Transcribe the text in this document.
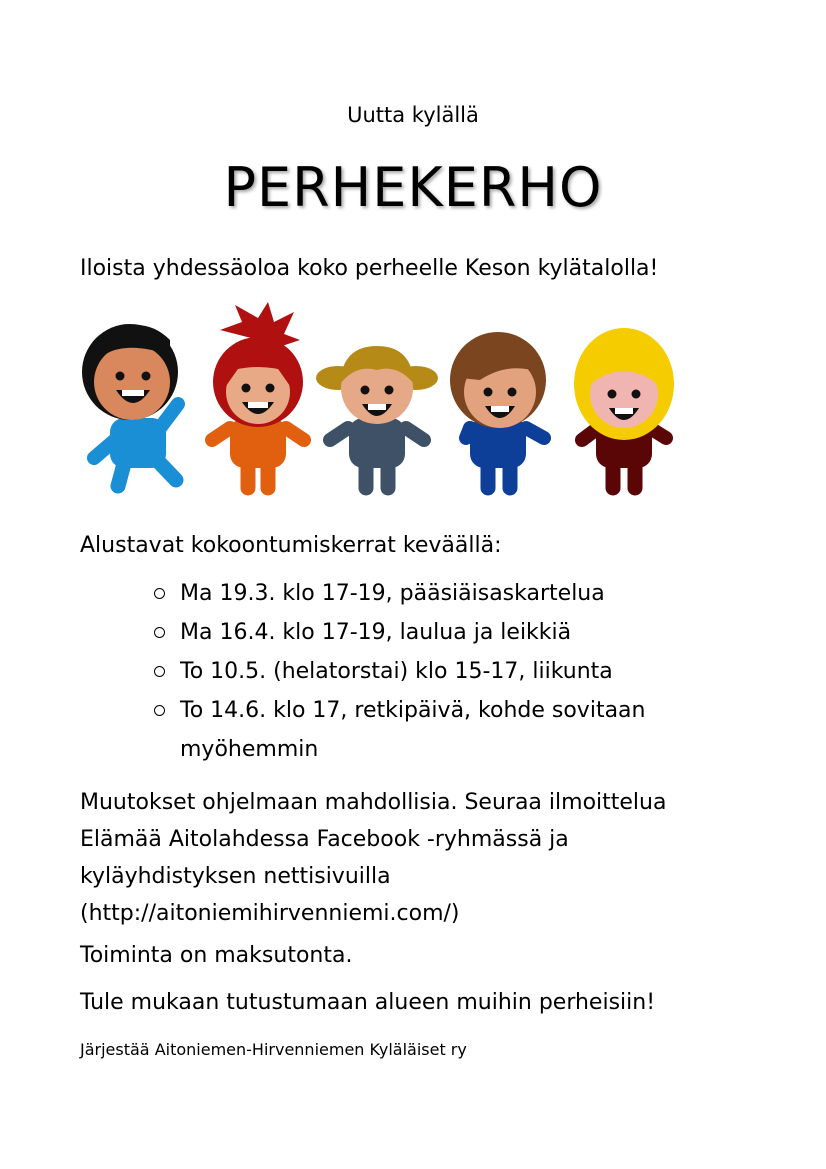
Uutta kylällä
PERHEKERHO
Iloista yhdessäoloa koko perheelle Keson kylätalolla!
Alustavat kokoontumiskerrat keväällä:
Ma 19.3. klo 17-19, pääsiäisaskartelua
Ma 16.4. klo 17-19, laulua ja leikkiä
To 10.5. (helatorstai) klo 15-17, liikunta
To 14.6. klo 17, retkipäivä, kohde sovitaan myöhemmin
Muutokset ohjelmaan mahdollisia. Seuraa ilmoittelua
Elämää Aitolahdessa Facebook -ryhmässä ja
kyläyhdistyksen nettisivuilla
(http://aitoniemihirvenniemi.com/)
Toiminta on maksutonta.
Tule mukaan tutustumaan alueen muihin perheisiin!
Järjestää Aitoniemen-Hirvenniemen Kyläläiset ry
